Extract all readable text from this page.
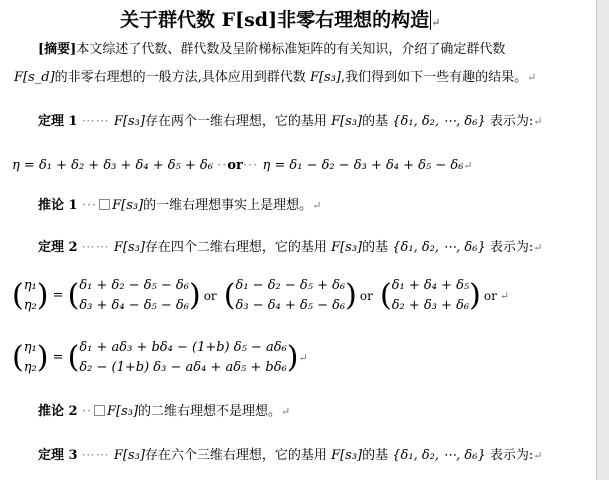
关于群代数 F[sd]非零右理想的构造 ↵
[摘要]本文综述了代数、群代数及呈阶梯标准矩阵的有关知识，介绍了确定群代数
F[s_d]的非零右理想的一般方法,具体应用到群代数 F[s₃],我们得到如下一些有趣的结果。↵
定理 1 ⋯⋯ F[s₃]存在两个一维右理想，它的基用 F[s₃]的基 {δ₁, δ₂, ⋯, δ₆} 表示为:↵
η = δ₁ + δ₂ + δ₃ + δ₄ + δ₅ + δ₆ ··or··· η = δ₁ − δ₂ − δ₃ + δ₄ + δ₅ − δ₆↵
推论 1 ··· F[s₃]的一维右理想事实上是理想。↵
定理 2 ⋯⋯ F[s₃]存在四个二维右理想，它的基用 F[s₃]的基 {δ₁, δ₂, ⋯, δ₆} 表示为:↵
( η₁
η₂ ) = ( δ₁ + δ₂ − δ₅ − δ₆
δ₃ + δ₄ − δ₅ − δ₆ ) or ( δ₁ − δ₂ − δ₅ + δ₆
δ₃ − δ₄ + δ₅ − δ₆ ) or ( δ₁ + δ₄ + δ₅
δ₂ + δ₃ + δ₆ ) or ↵
( η₁
η₂ ) = ( δ₁ + aδ₃ + bδ₄ − (1+b) δ₅ − aδ₆
δ₂ − (1+b) δ₃ − aδ₄ + aδ₅ + bδ₆ ) ↵
推论 2 ·· F[s₃]的二维右理想不是理想。↵
定理 3 ⋯⋯ F[s₃]存在六个三维右理想，它的基用 F[s₃]的基 {δ₁, δ₂, ⋯, δ₆} 表示为:↵
